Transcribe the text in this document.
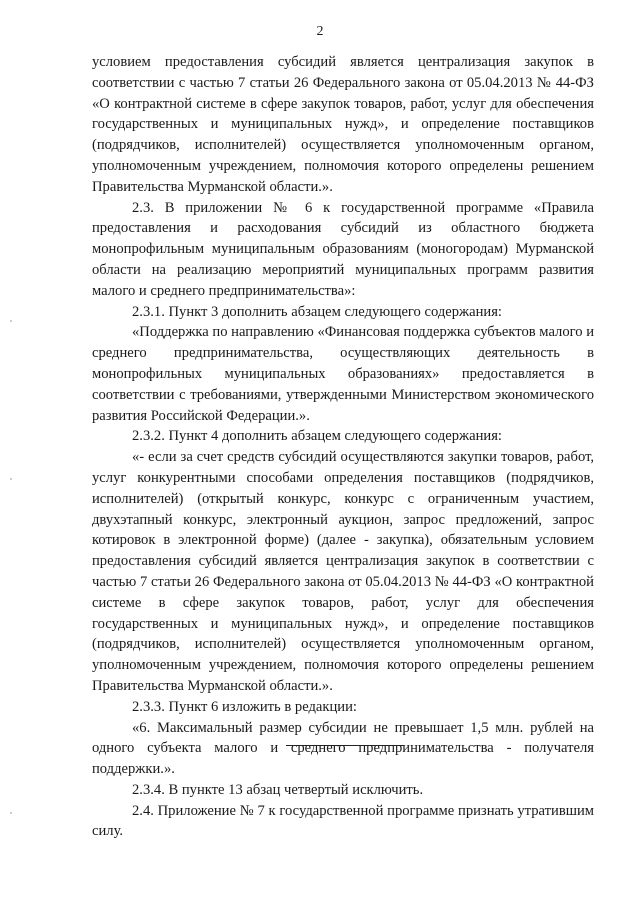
2

условием предоставления субсидий является централизация закупок в соответствии с частью 7 статьи 26 Федерального закона от 05.04.2013 № 44-ФЗ «О контрактной системе в сфере закупок товаров, работ, услуг для обеспечения государственных и муниципальных нужд», и определение поставщиков (подрядчиков, исполнителей) осуществляется уполномоченным органом, уполномоченным учреждением, полномочия которого определены решением Правительства Мурманской области.».

2.3. В приложении № 6 к государственной программе «Правила предоставления и расходования субсидий из областного бюджета монопрофильным муниципальным образованиям (моногородам) Мурманской области на реализацию мероприятий муниципальных программ развития малого и среднего предпринимательства»:

2.3.1. Пункт 3 дополнить абзацем следующего содержания:

«Поддержка по направлению «Финансовая поддержка субъектов малого и среднего предпринимательства, осуществляющих деятельность в монопрофильных муниципальных образованиях» предоставляется в соответствии с требованиями, утвержденными Министерством экономического развития Российской Федерации.».

2.3.2. Пункт 4 дополнить абзацем следующего содержания:

«- если за счет средств субсидий осуществляются закупки товаров, работ, услуг конкурентными способами определения поставщиков (подрядчиков, исполнителей) (открытый конкурс, конкурс с ограниченным участием, двухэтапный конкурс, электронный аукцион, запрос предложений, запрос котировок в электронной форме) (далее - закупка), обязательным условием предоставления субсидий является централизация закупок в соответствии с частью 7 статьи 26 Федерального закона от 05.04.2013 № 44-ФЗ «О контрактной системе в сфере закупок товаров, работ, услуг для обеспечения государственных и муниципальных нужд», и определение поставщиков (подрядчиков, исполнителей) осуществляется уполномоченным органом, уполномоченным учреждением, полномочия которого определены решением Правительства Мурманской области.».

2.3.3. Пункт 6 изложить в редакции:

«6. Максимальный размер субсидии не превышает 1,5 млн. рублей на одного субъекта малого и среднего предпринимательства - получателя поддержки.».

2.3.4. В пункте 13 абзац четвертый исключить.

2.4. Приложение № 7 к государственной программе признать утратившим силу.
